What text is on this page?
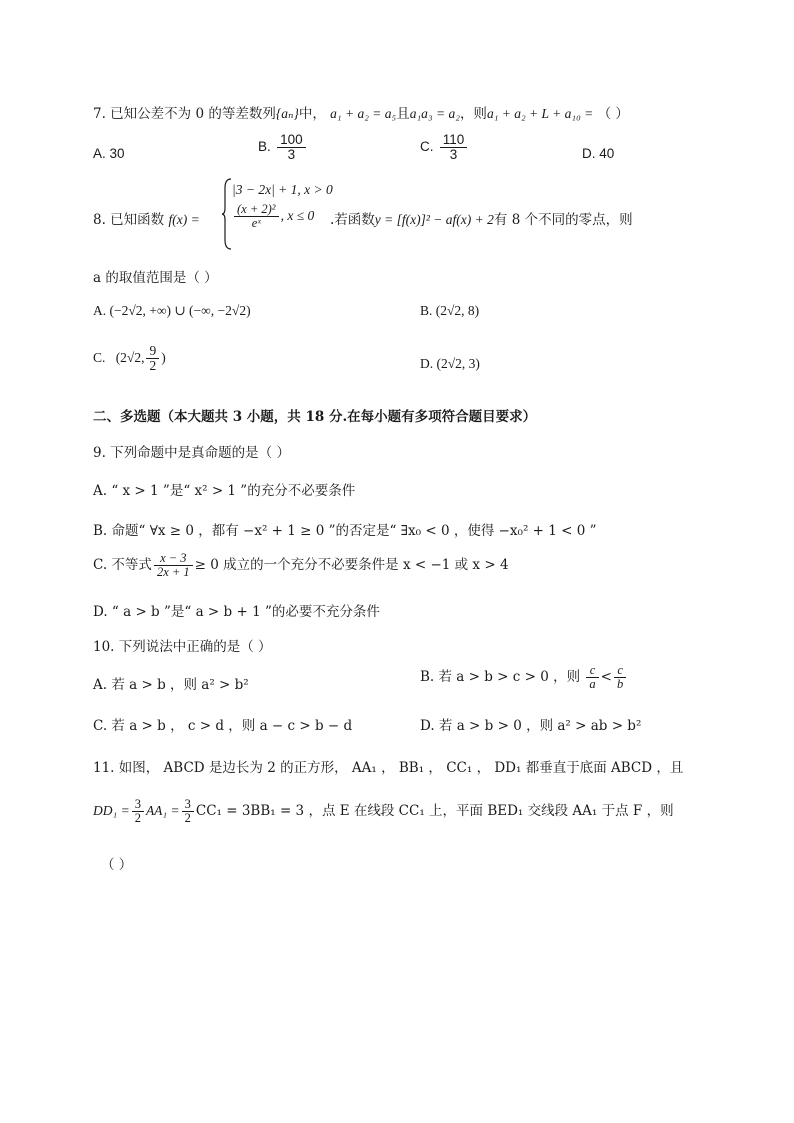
7. 已知公差不为 0 的等差数列{aₙ}中， a₁ + a₂ = a₅且a₁a₃ = a₂，则a₁ + a₂ + L + a₁₀ = （ ）
A. 30	B. $\frac{100}{3}$	C. $\frac{110}{3}$	D. 40
8. 已知函数 f(x) =
|3 − 2x| + 1, x > 0
$\frac{\text{(x + 2)²}}{\text{eˣ}}$ , x ≤ 0 .若函数y = [f(x)]² − af(x) + 2有 8 个不同的零点，则
a 的取值范围是（ ）
A. (−2√2, +∞) ∪ (−∞, −2√2)	B. (2√2, 8)
C. (2√2, $\frac{9}{2}$ )	D. (2√2, 3)
二、多选题（本大题共 3 小题，共 18 分.在每小题有多项符合题目要求）
9. 下列命题中是真命题的是（ ）
A. “ x > 1 ”是“ x² > 1 ”的充分不必要条件
B. 命题“ ∀x ≥ 0 ，都有 −x² + 1 ≥ 0 ”的否定是“ ∃x₀ < 0 ，使得 −x₀² + 1 < 0 ”
C. 不等式 $\frac{x - 3}{2x + 1} \ge 0$ 成立的一个充分不必要条件是 x < −1 或 x > 4
D. “ a > b ”是“ a > b + 1 ”的必要不充分条件
10. 下列说法中正确的是（ ）
A. 若 a > b ，则 a² > b²	B. 若 a > b > c > 0 ，则 $\frac{c}{a} < \frac{c}{b}$
C. 若 a > b ， c > d ，则 a − c > b − d	D. 若 a > b > 0 ，则 a² > ab > b²
11. 如图， ABCD 是边长为 2 的正方形， AA₁ ， BB₁ ， CC₁ ， DD₁ 都垂直于底面 ABCD ，且
$DD_1 = \frac{3}{2} AA_1 = \frac{3}{2} CC_1 = 3BB_1 = 3$ ，点 E 在线段 CC₁ 上，平面 BED₁ 交线段 AA₁ 于点 F ，则
（ ）
